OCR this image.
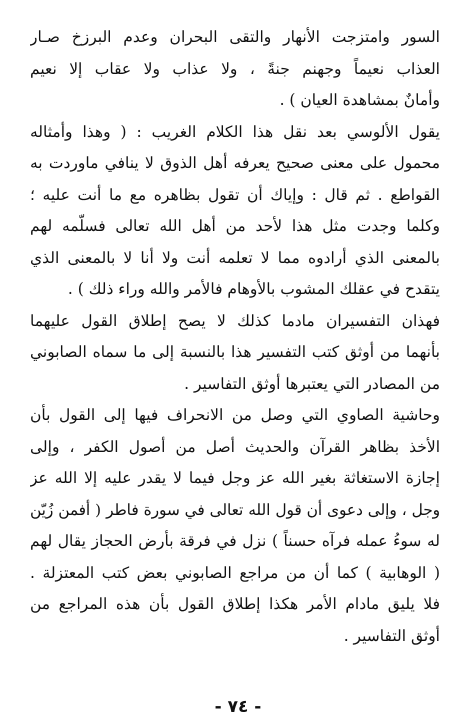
السور وامتزجت الأنهار والتقى البحران وعدم البرزخ صـار
العذاب نعيماً وجهنم جنةً ، ولا عذاب ولا عقاب إلا نعيم
وأمانٌ بمشاهدة العيان ) .
يقول الألوسي بعد نقل هذا الكلام الغريب : ( وهذا وأمثاله
محمول على معنى صحيح يعرفه أهل الذوق لا ينافي ماوردت به
القواطع . ثم قال : وإياك أن تقول بظاهره مع ما أنت عليه ؛
وكلما وجدت مثل هذا لأحد من أهل الله تعالى فسلّمه لهم
بالمعنى الذي أرادوه مما لا تعلمه أنت ولا أنا لا بالمعنى الذي
يتقدح في عقلك المشوب بالأوهام فالأمر والله وراء ذلك ) .
فهذان التفسيران مادما كذلك لا يصح إطلاق القول عليهما
بأنهما من أوثق كتب التفسير هذا بالنسبة إلى ما سماه الصابوني
من المصادر التي يعتبرها أوثق التفاسير .
وحاشية الصاوي التي وصل من الانحراف فيها إلى القول بأن
الأخذ بظاهر القرآن والحديث أصل من أصول الكفر ، وإلى
إجازة الاستغاثة بغير الله عز وجل فيما لا يقدر عليه إلا الله عز
وجل ، وإلى دعوى أن قول الله تعالى في سورة فاطر ( أفمن زُيّن
له سوءُ عمله فرآه حسناً ) نزل في فرقة بأرض الحجاز يقال لهم
( الوهابية ) كما أن من مراجع الصابوني بعض كتب المعتزلة .
فلا يليق مادام الأمر هكذا إطلاق القول بأن هذه المراجع من
أوثق التفاسير .
- ٧٤ -
